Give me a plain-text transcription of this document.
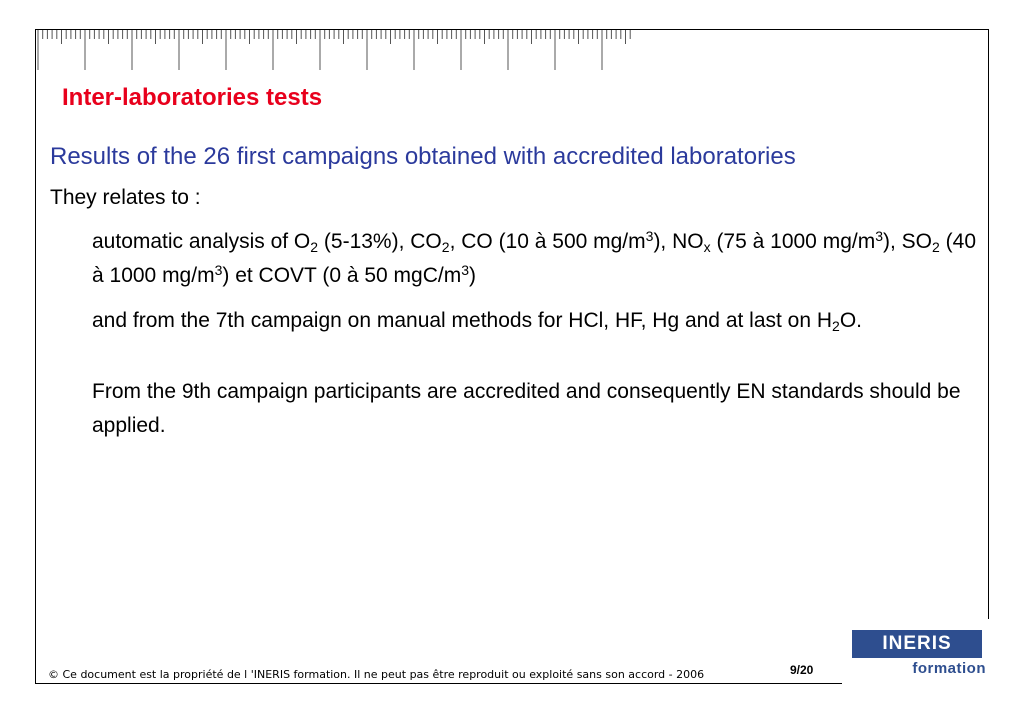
Inter-laboratories tests

Results of the 26 first campaigns obtained with accredited laboratories

They relates to :

automatic analysis of $O_2$ (5-13%), $CO_2$, CO (10 à 500 $mg/m^3$), $NO_x$ (75 à 1000 $mg/m^3$), $SO_2$ (40 à 1000 $mg/m^3$) et COVT (0 à 50 mgC/$m^3$)

and from the 7th campaign on manual methods for HCl, HF, Hg and at last on $H_2O$.

From the 9th campaign participants are accredited and consequently EN standards should be applied.

© Ce document est la propriété de l 'INERIS formation. Il ne peut pas être reproduit ou exploité sans son accord - 2006	9/20

INERIS
formation
